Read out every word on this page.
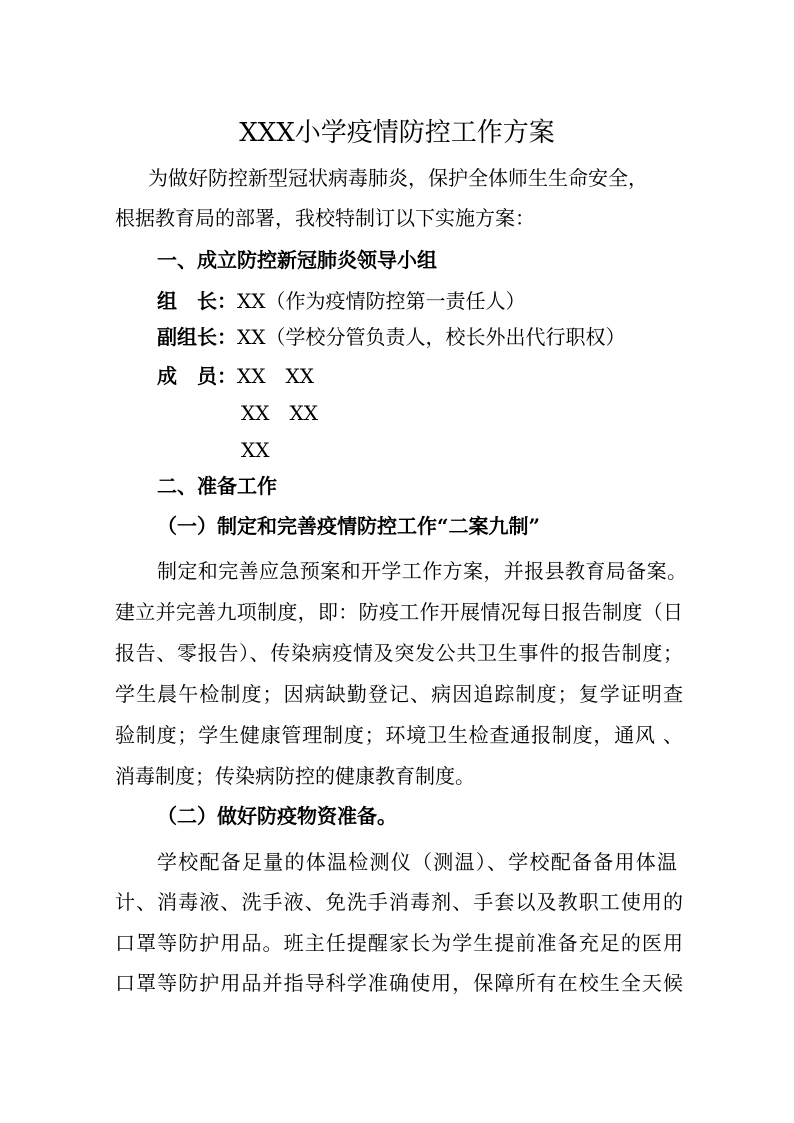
XXX小学疫情防控工作方案
为做好防控新型冠状病毒肺炎，保护全体师生生命安全，
根据教育局的部署，我校特制订以下实施方案：
一、成立防控新冠肺炎领导小组
组　长：XX（作为疫情防控第一责任人）
副组长：XX（学校分管负责人，校长外出代行职权）
成　员：XX　XX
XX　XX
XX
二、准备工作
（一）制定和完善疫情防控工作“二案九制”
制定和完善应急预案和开学工作方案，并报县教育局备案。
建立并完善九项制度，即：防疫工作开展情况每日报告制度（日
报告、零报告）、传染病疫情及突发公共卫生事件的报告制度；
学生晨午检制度；因病缺勤登记、病因追踪制度；复学证明查
验制度；学生健康管理制度；环境卫生检查通报制度，通风 、
消毒制度；传染病防控的健康教育制度。
（二）做好防疫物资准备。
学校配备足量的体温检测仪（测温）、学校配备备用体温
计、消毒液、洗手液、免洗手消毒剂、手套以及教职工使用的
口罩等防护用品。班主任提醒家长为学生提前准备充足的医用
口罩等防护用品并指导科学准确使用，保障所有在校生全天候
